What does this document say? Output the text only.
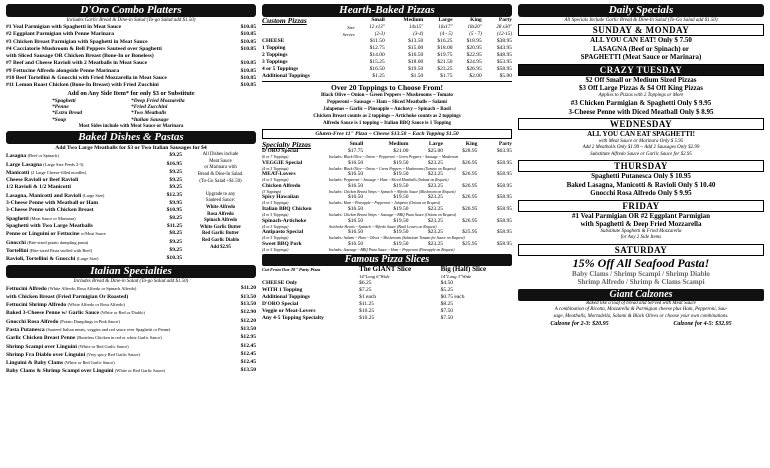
D'Oro Combo Platters
Includes Garlic Bread & Dine-in Salad (To-go Salad add $1.50)
#1 Veal Parmigian with Spaghetti in Meat Sauce	$10.85
#2 Eggplant Parmigian with Penne Marinara	$10.85
#3 Chicken Breast Parmigian with Spaghetti in Meat Sauce	$10.85
#4 Cacciatorie Mushroom & Bell Peppers Sauteed over Spaghetti	$10.85
with Sliced Sausage OR Chicken Breast (Bone-In or Boneless)
#7 Beef and Cheese Ravioli with 2 Meatballs in Meat Sauce	$10.85
#9 Fettucine Alfredo alongside Penne Marinara	$10.85
#10 Beef Tortellini & Gnocchi with Fried Mozzarella in Meat Sauce	$10.85
#11 Lemon Roast Chicken (Bone-In Breast) with Fried Zucchini	$10.85
Add on Any Side Item* for only $3 or Substitute
*Spaghetti	*Deep Fried Mozzarella
*Penne	*Fried Zucchini
*Extra Bread	*Two Meatballs
*Soup	*Italian Sausage
Most Sides include with Meat Sauce or Marinara
Baked Dishes & Pastas
Add Two Large Meatballs for $3 or Two Italian Sausages for $4
Lasagna (Beef or Spinach)	$9.25
Large Lasagna (Large Size Feeds 2-3)	$16.95
Manicotti (2 Large Cheese-filled noodles)	$9.25
Cheese Ravioli or Beef Ravioli	$9.25
1/2 Ravioli & 1/2 Manicotti	$9.25
Lasagna, Manicotti and Ravioli (Large Size)	$12.35
3-Cheese Penne with Meatball or Ham	$9.95
3-Cheese Penne with Chicken Breast	$10.95
Spaghetti (Meat Sauce or Marinara)	$8.25
Spaghetti with Two Large Meatballs	$11.25
Penne or Linguini or Fettucine w/Meat Sauce	$8.25
Gnocchi (Bite-sized potato dumpling pasta)	$9.25
Tortellini (Bite-sized Pasta stuffed with Beef)	$9.25
Ravioli, Tortellini & Gnocchi (Large Size)	$10.35
All Dishes include
Meat Sauce
or Marinara with
Bread & Dine-In Salad.
(To-Go Salad +$1.50)

Upgrade to any
Sauteed Sauce:
White Alfredo
Rosa Alfredo
Spinach Alfredo
White Garlic Butter
Red Garlic Butter
Red Garlic Diablo
Add $2.95
Italian Specialties
Includes Bread & Dine-in Salad (To-go Salad add $1.50)
Fettucini Alfredo (White Alfredo, Rosa Alfredo or Spinach Alfredo)	$11.20
with Chicken Breast (Fried Parmigian Or Roasted)	$13.50
Fettucini Shrimp Alfredo (White Alfredo or Rosa Alfredo)	$13.50
Baked 3-Cheese Penne w/ Garlic Sauce (White or Red or Diablo)	$12.90
Gnocchi Rosa Alfredo (Potato Dumplings in Pink Sauce)	$12.20
Pasta Putanesca (Sauteed Italian meats, veggies and red sauce over Spaghetti or Penne)	$13.50
Garlic Chicken Breast Penne (Boneless Chicken in red or white Garlic Sauce)	$12.95
Shrimp Scampi over Linguini (White or Red Garlic Sauce)	$12.45
Shrimp Fra Diablo over Linguini (Very spicy Red Garlic Sauce)	$12.45
Linguini & Baby Clams (White or Red Garlic Sauce)	$12.45
Baby Clams & Shrimp Scampi over Linguini (White or Red Garlic Sauce)	$13.50
Hearth-Baked Pizzas
Custom Pizzas	Small	Medium	Large	King	Party
Size	12 x13"	14x15"	16x17"	18x20"	28 x30"
Serves	(2-3)	(3-4)	(4 - 5)	(5 - 7)	(12-15)
CHEESE	$11.50	$13.50	$16.25	$18.95	$38.95
1 Topping	$12.75	$15.00	$18.00	$20.95	$43.95
2 Toppings	$14.00	$16.50	$19.75	$22.95	$48.95
3 Toppings	$15.25	$18.00	$21.50	$24.95	$53.95
4 or 5 Toppings	$16.50	$19.50	$23.25	$26.95	$58.95
Additional Toppings	$1.25	$1.50	$1.75	$2.00	$5.00
Over 20 Toppings to Choose From!
Black Olive ~ Onion ~ Green Peppers ~ Mushrooms ~ Tomato
Pepperoni ~ Sausage ~ Ham ~ Sliced Meatballs ~ Salami
Jalapenos ~ Garlic ~ Pineapple ~ Anchovy ~ Spinach ~ Basil
Chicken Breast counts as 2 toppings ~ Artichoke counts as 2 toppings
Alfredo Sauce is 1 topping ~ Italian BBQ Sauce is 1 Topping
Gluten-Free 11" Pizza ~ Cheese $13.50 ~ Each Topping $1.50
Specialty Pizzas	Small	Medium	Large	King	Party
D'ORO Special	$17.75	$21.00	$25.00	$28.95	$63.95
(6 or 7 Toppings)	Includes: Black Olive ~ Onion ~ Pepperoni ~ Green Peppers ~ Sausage ~ Mushroom				
VEGGIE Special	$16.50	$19.50	$23.25	$26.95	$58.95
(4 or 5 Toppings)	Includes: Black Olive ~ Onion ~ Green Peppers ~ Mushrooms (Tomato on Request)				
MEAT-Lovers	$16.50	$19.50	$23.25	$26.95	$58.95
(4 or 5 Toppings)	Includes: Pepperoni ~ Sausage ~ Ham ~ Sliced Meatballs (Salami on Request)				
Chicken Alfredo	$16.50	$19.50	$23.25	$26.95	$58.95
(3 Toppings)	Includes: Chicken Breast Strips ~ Spinach ~ Alfredo Sauce (Mushroom on Request)				
Spicy Hawaiian	$16.50	$19.50	$23.25	$26.95	$58.95
(4 or 5 Toppings)	Includes: Ham ~ Pineapple ~ Pepperoni ~ Jalapeno (Onions on Request)				
Italian BBQ Chicken	$16.50	$19.50	$23.25	$26.95	$58.95
(4 or 5 Toppings)	Includes: Chicken Breast Strips ~ Sausage ~ BBQ Pizza Sauce (Onions on Request)				
Spinach-Artichoke	$16.50	$19.50	$23.25	$26.95	$58.95
(4 or 5 Toppings)	Artichoke Hearts ~ Spinach ~ Alfredo Sauce (Basil Leaves on Request)				
Antipasto Special	$16.50	$19.50	$23.25	$25.95	$58.95
(4 or 5 Toppings)	Includes: Salami ~ Ham ~ Olives ~ Mushrooms (Substitute Tomato for Sauce on Request)				
Sweet BBQ Pork	$16.50	$19.50	$23.25	$25.95	$58.95
(4 or 5 Toppings)	Includes: Sausage ~ BBQ Pizza Sauce ~ Ham ~ Pepperoni (Pineapple on Request)				
Famous Pizza Slices
Cut From Our 28" Party Pizza	The GIANT Slice	Big (Half) Slice
	14"Long 6"Wide	14"Long 3"Wide
CHEESE Only	$6.25	$4.50
WITH 1 Topping	$7.25	$5.25
Additional Toppings	$1 each	$0.75 each
D'ORO Special	$11.25	$8.25
Veggie or Meat-Lovers	$10.25	$7.50
Any 4-5 Topping Specialty	$10.25	$7.50
Daily Specials
All Specials Include Garlic Bread & Dine-In Salad (To-Go Salad add $1.50)
SUNDAY & MONDAY
ALL YOU CAN EAT! Only $ 7.50
LASAGNA (Beef or Spinach) or
SPAGHETTI (Meat Sauce or Marinara)
CRAZY TUESDAY
$2 Off Small or Medium Sized Pizzas
$3 Off Large Pizzas & $4 Off King Pizzas
Applies to Pizzas with 2 Toppings or More
#3 Chicken Parmigian & Spaghetti Only $ 9.95
3-Cheese Penne with Diced Meatball Only $ 8.95
WEDNESDAY
ALL YOU CAN EAT SPAGHETTI!
with Meat Sauce or Marinara Only $ 5.95
Add 2 Meatballs Only $1.99 ~ Add 2 Sausages Only $2.99
Substitute Alfredo Sauce or Garlic Sauce for $2.95
THURSDAY
Spaghetti Putanesca Only $ 10.95
Baked Lasagna, Manicotti & Ravioli Only $ 10.40
Gnocchi Rosa Alfredo Only $ 9.95
FRIDAY
#1 Veal Parmigian OR #2 Eggplant Parmigian
with Spaghetti & Deep Fried Mozzarella
Substitute Spaghetti & Fried Mozzarella
for Any 2 Side Items
SATURDAY
15% Off All Seafood Pasta!
Baby Clams / Shrimp Scampi / Shrimp Diablo
Shrimp Alfredo / Shrimp & Clams Scampi
Giant Calzones
Baked like a loaf of bread and Served with Meat Sauce
A combination of Ricotta, Mozzarella & Parmigian cheese plus Ham, Pepperoni, Sau-
sage, Meatballs, Mortadella, Salami & Black Olives or choose your own combinations.
Calzone for 2-3: $20.95	Calzone for 4-5: $32.95
